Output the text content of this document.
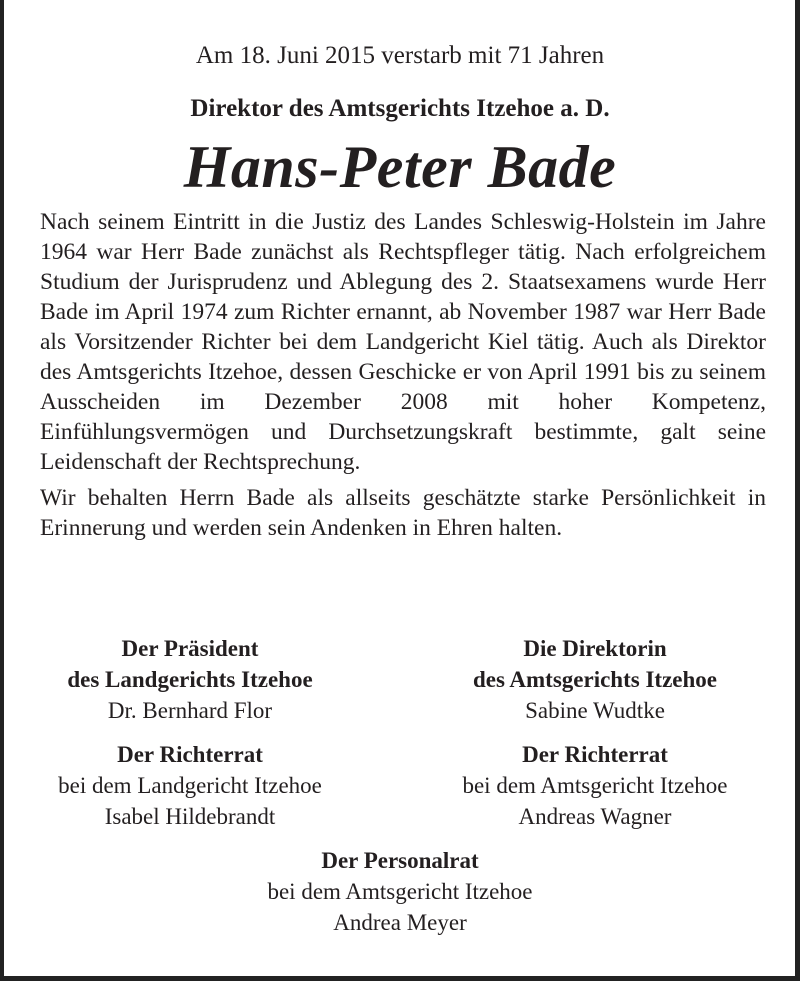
Am 18. Juni 2015 verstarb mit 71 Jahren
Direktor des Amtsgerichts Itzehoe a. D.
Hans-Peter Bade

Nach seinem Eintritt in die Justiz des Landes Schleswig-Holstein im Jahre 1964 war Herr Bade zunächst als Rechtspfleger tätig. Nach erfolgreichem Studium der Jurisprudenz und Ablegung des 2. Staatsexamens wurde Herr Bade im April 1974 zum Richter ernannt, ab November 1987 war Herr Bade als Vorsitzender Richter bei dem Landgericht Kiel tätig. Auch als Direktor des Amtsgerichts Itzehoe, dessen Geschicke er von April 1991 bis zu seinem Ausscheiden im Dezember 2008 mit hoher Kompetenz, Einfühlungsvermögen und Durchsetzungskraft bestimmte, galt seine Leidenschaft der Rechtsprechung.

Wir behalten Herrn Bade als allseits geschätzte starke Persönlichkeit in Erinnerung und werden sein Andenken in Ehren halten.

Der Präsident
des Landgerichts Itzehoe
Dr. Bernhard Flor
Die Direktorin
des Amtsgerichts Itzehoe
Sabine Wudtke
Der Richterrat
bei dem Landgericht Itzehoe
Isabel Hildebrandt
Der Richterrat
bei dem Amtsgericht Itzehoe
Andreas Wagner
Der Personalrat
bei dem Amtsgericht Itzehoe
Andrea Meyer
